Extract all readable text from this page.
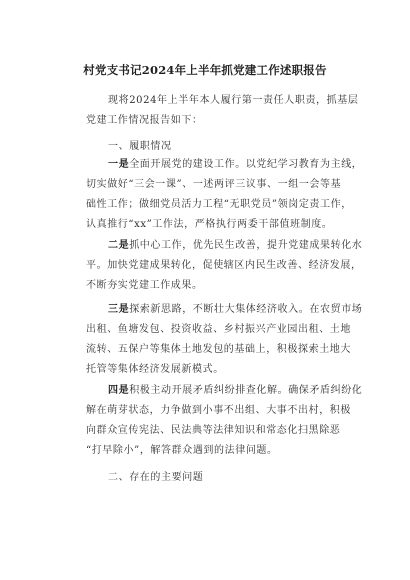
村党支书记2024年上半年抓党建工作述职报告
现将2024年上半年本人履行第一责任人职责，抓基层
党建工作情况报告如下：
一、履职情况
一是全面开展党的建设工作。以党纪学习教育为主线，
切实做好“三会一课”、一述两评三议事、一组一会等基
础性工作；做细党员活力工程“无职党员”领岗定责工作，
认真推行“xx”工作法，严格执行两委干部值班制度。
二是抓中心工作，优先民生改善，提升党建成果转化水
平。加快党建成果转化，促使辖区内民生改善、经济发展，
不断夯实党建工作成果。
三是探索新思路，不断壮大集体经济收入。在农贸市场
出租、鱼塘发包、投资收益、乡村振兴产业园出租、土地
流转、五保户等集体土地发包的基础上，积极探索土地大
托管等集体经济发展新模式。
四是积极主动开展矛盾纠纷排查化解。确保矛盾纠纷化
解在萌芽状态，力争做到小事不出组、大事不出村，积极
向群众宣传宪法、民法典等法律知识和常态化扫黑除恶
“打早除小”，解答群众遇到的法律问题。
二、存在的主要问题
